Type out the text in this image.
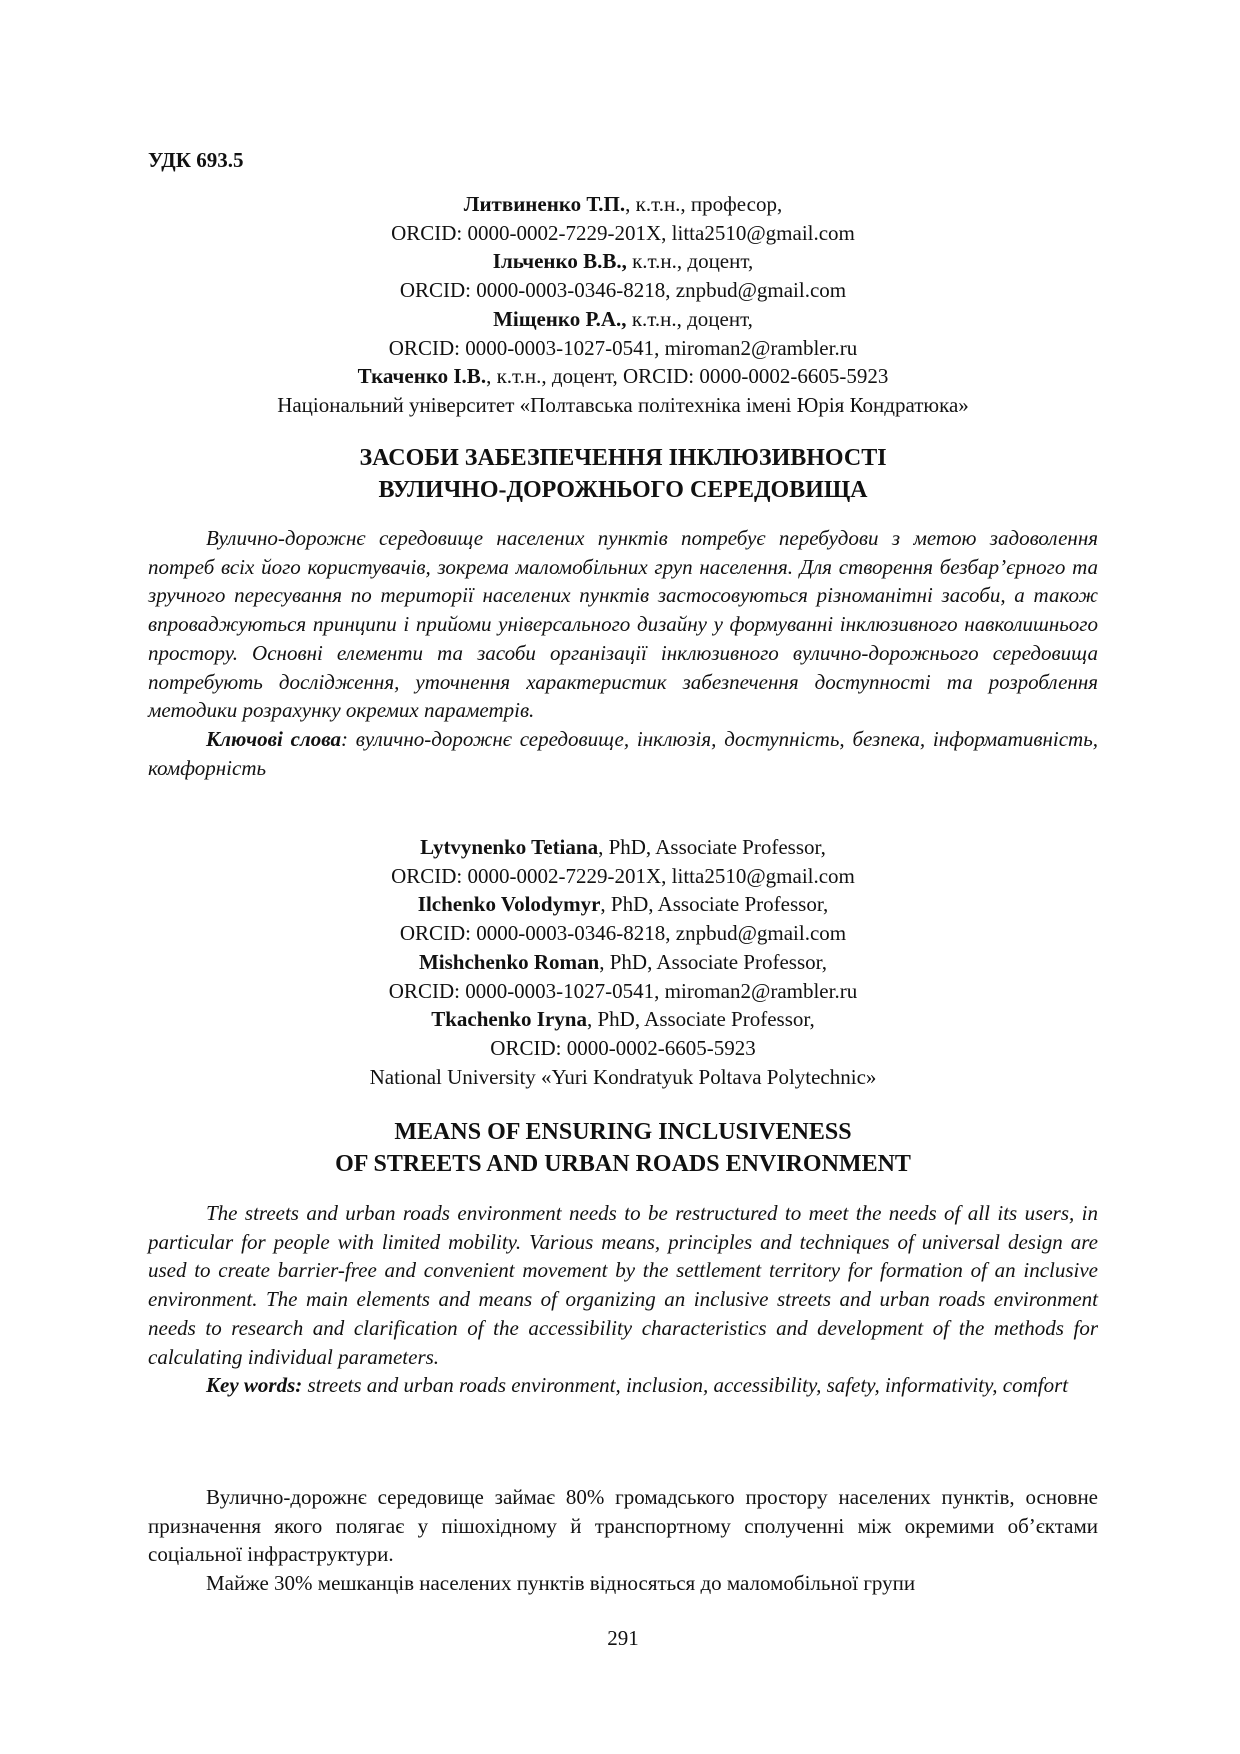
УДК 693.5
Литвиненко Т.П., к.т.н., професор,
ORCID: 0000-0002-7229-201X, litta2510@gmail.com
Ільченко В.В., к.т.н., доцент,
ORCID: 0000-0003-0346-8218, znpbud@gmail.com
Міщенко Р.А., к.т.н., доцент,
ORCID: 0000-0003-1027-0541, miroman2@rambler.ru
Ткаченко І.В., к.т.н., доцент, ORCID: 0000-0002-6605-5923
Національний університет «Полтавська політехніка імені Юрія Кондратюка»
ЗАСОБИ ЗАБЕЗПЕЧЕННЯ ІНКЛЮЗИВНОСТІ
ВУЛИЧНО-ДОРОЖНЬОГО СЕРЕДОВИЩА

Вулично-дорожнє середовище населених пунктів потребує перебудови з метою задоволення потреб всіх його користувачів, зокрема маломобільних груп населення. Для створення безбар’єрного та зручного пересування по території населених пунктів застосовуються різноманітні засоби, а також впроваджуються принципи і прийоми універсального дизайну у формуванні інклюзивного навколишнього простору. Основні елементи та засоби організації інклюзивного вулично-дорожнього середовища потребують дослідження, уточнення характеристик забезпечення доступності та розроблення методики розрахунку окремих параметрів.

Ключові слова: вулично-дорожнє середовище, інклюзія, доступність, безпека, інформативність, комфорність

Lytvynenko Tetiana, PhD, Associate Professor,
ORCID: 0000-0002-7229-201X, litta2510@gmail.com
Ilchenko Volodymyr, PhD, Associate Professor,
ORCID: 0000-0003-0346-8218, znpbud@gmail.com
Mishchenko Roman, PhD, Associate Professor,
ORCID: 0000-0003-1027-0541, miroman2@rambler.ru
Tkachenko Iryna, PhD, Associate Professor,
ORCID: 0000-0002-6605-5923
National University «Yuri Kondratyuk Poltava Polytechnic»
MEANS OF ENSURING INCLUSIVENESS
OF STREETS AND URBAN ROADS ENVIRONMENT

The streets and urban roads environment needs to be restructured to meet the needs of all its users, in particular for people with limited mobility. Various means, principles and techniques of universal design are used to create barrier-free and convenient movement by the settlement territory for formation of an inclusive environment. The main elements and means of organizing an inclusive streets and urban roads environment needs to research and clarification of the accessibility characteristics and development of the methods for calculating individual parameters.

Key words: streets and urban roads environment, inclusion, accessibility, safety, informativity, comfort

Вулично-дорожнє середовище займає 80% громадського простору населених пунктів, основне призначення якого полягає у пішохідному й транспортному сполученні між окремими об’єктами соціальної інфраструктури.

Майже 30% мешканців населених пунктів відносяться до маломобільної групи

291
